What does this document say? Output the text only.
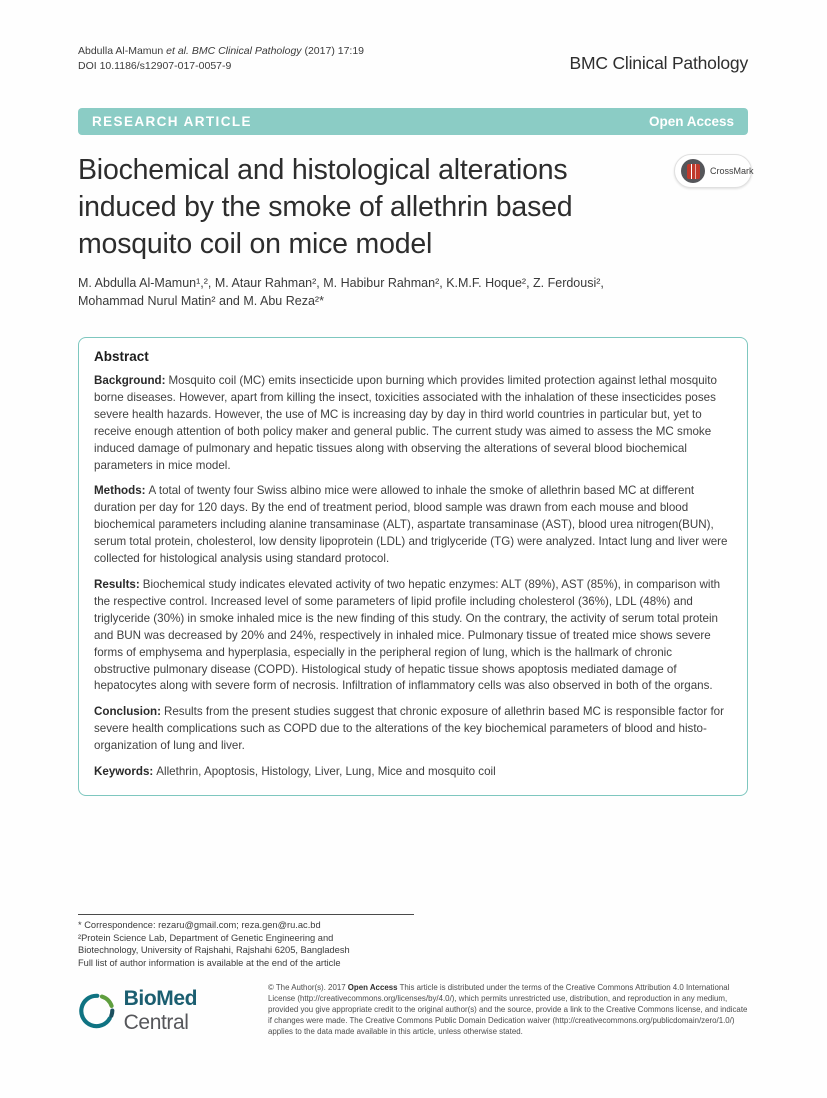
Abdulla Al-Mamun et al. BMC Clinical Pathology (2017) 17:19
DOI 10.1186/s12907-017-0057-9	BMC Clinical Pathology
RESEARCH ARTICLE	Open Access
Biochemical and histological alterations induced by the smoke of allethrin based mosquito coil on mice model
CrossMark
M. Abdulla Al-Mamun¹,², M. Ataur Rahman², M. Habibur Rahman², K.M.F. Hoque², Z. Ferdousi²,
Mohammad Nurul Matin² and M. Abu Reza²*
Abstract

Background: Mosquito coil (MC) emits insecticide upon burning which provides limited protection against lethal mosquito borne diseases. However, apart from killing the insect, toxicities associated with the inhalation of these insecticides poses severe health hazards. However, the use of MC is increasing day by day in third world countries in particular but, yet to receive enough attention of both policy maker and general public. The current study was aimed to assess the MC smoke induced damage of pulmonary and hepatic tissues along with observing the alterations of several blood biochemical parameters in mice model.

Methods: A total of twenty four Swiss albino mice were allowed to inhale the smoke of allethrin based MC at different duration per day for 120 days. By the end of treatment period, blood sample was drawn from each mouse and blood biochemical parameters including alanine transaminase (ALT), aspartate transaminase (AST), blood urea nitrogen(BUN), serum total protein, cholesterol, low density lipoprotein (LDL) and triglyceride (TG) were analyzed. Intact lung and liver were collected for histological analysis using standard protocol.

Results: Biochemical study indicates elevated activity of two hepatic enzymes: ALT (89%), AST (85%), in comparison with the respective control. Increased level of some parameters of lipid profile including cholesterol (36%), LDL (48%) and triglyceride (30%) in smoke inhaled mice is the new finding of this study. On the contrary, the activity of serum total protein and BUN was decreased by 20% and 24%, respectively in inhaled mice. Pulmonary tissue of treated mice shows severe forms of emphysema and hyperplasia, especially in the peripheral region of lung, which is the hallmark of chronic obstructive pulmonary disease (COPD). Histological study of hepatic tissue shows apoptosis mediated damage of hepatocytes along with severe form of necrosis. Infiltration of inflammatory cells was also observed in both of the organs.

Conclusion: Results from the present studies suggest that chronic exposure of allethrin based MC is responsible factor for severe health complications such as COPD due to the alterations of the key biochemical parameters of blood and histo-organization of lung and liver.

Keywords: Allethrin, Apoptosis, Histology, Liver, Lung, Mice and mosquito coil

* Correspondence: rezaru@gmail.com; reza.gen@ru.ac.bd
²Protein Science Lab, Department of Genetic Engineering and
Biotechnology, University of Rajshahi, Rajshahi 6205, Bangladesh
Full list of author information is available at the end of the article
BioMed Central

© The Author(s). 2017 Open Access This article is distributed under the terms of the Creative Commons Attribution 4.0 International License (http://creativecommons.org/licenses/by/4.0/), which permits unrestricted use, distribution, and reproduction in any medium, provided you give appropriate credit to the original author(s) and the source, provide a link to the Creative Commons license, and indicate if changes were made. The Creative Commons Public Domain Dedication waiver (http://creativecommons.org/publicdomain/zero/1.0/) applies to the data made available in this article, unless otherwise stated.
